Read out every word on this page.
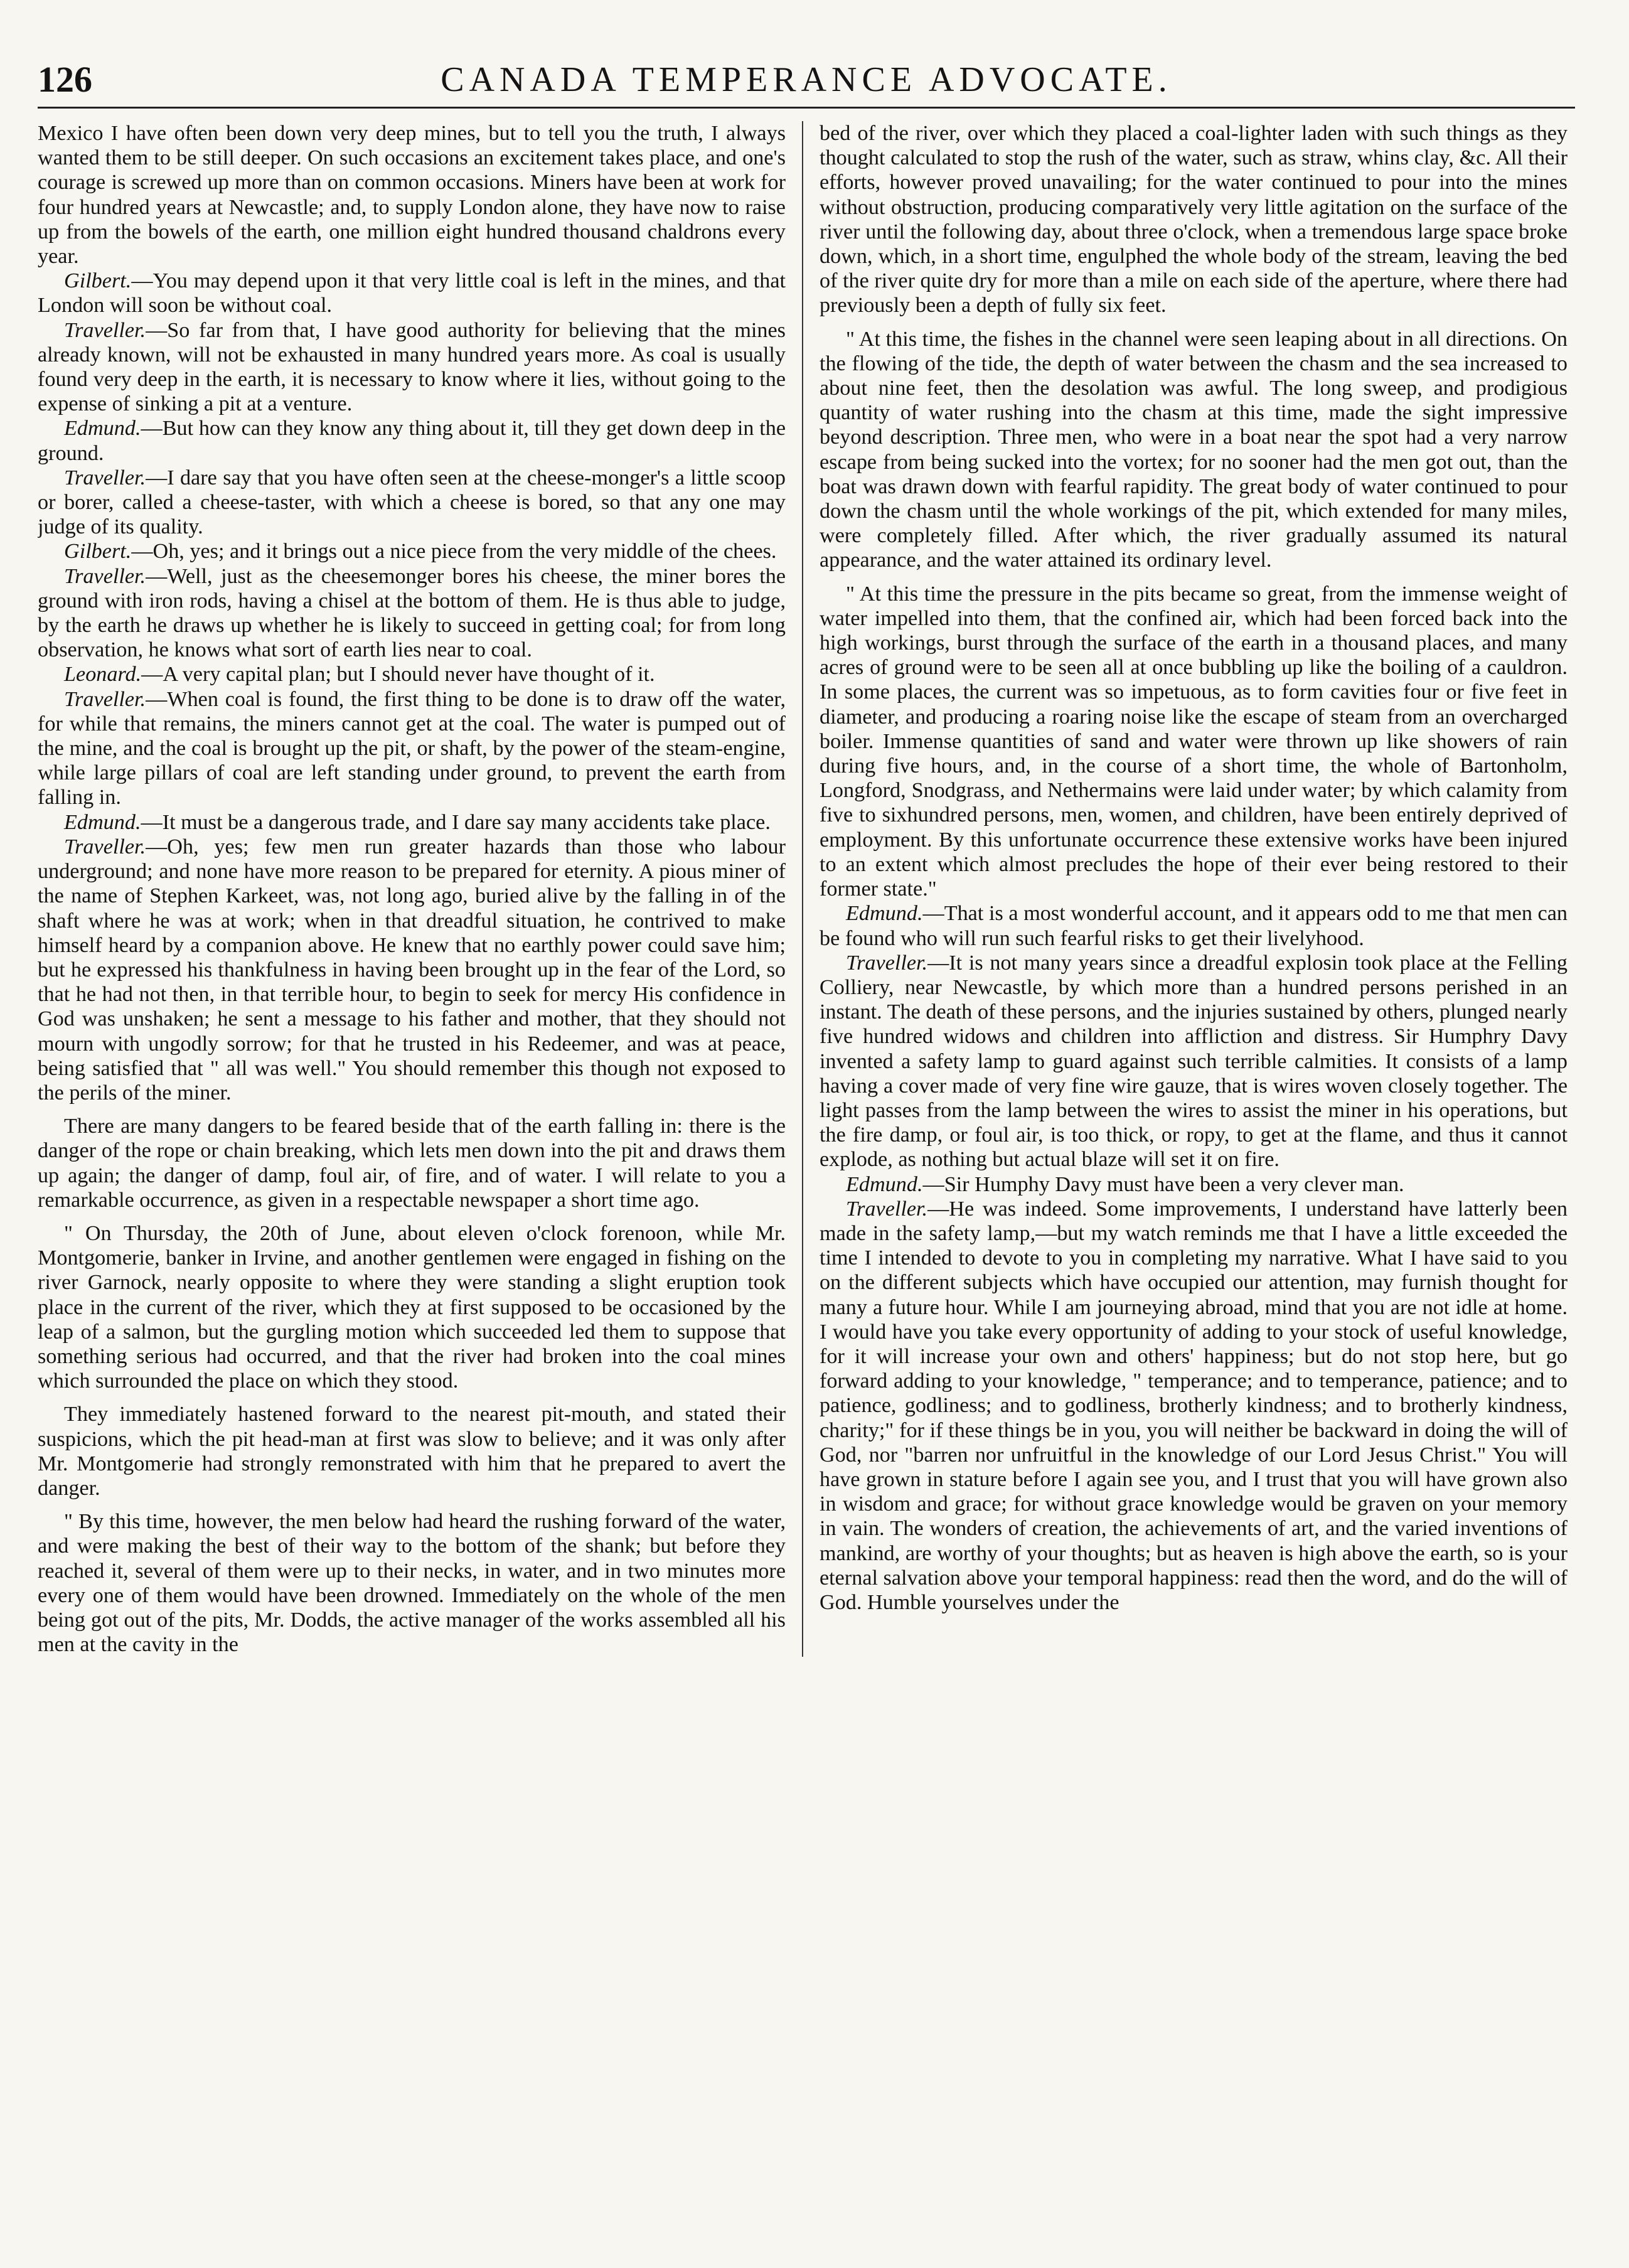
126	CANADA TEMPERANCE ADVOCATE.

Mexico I have often been down very deep mines, but to tell you the truth, I always wanted them to be still deeper. On such occasions an excitement takes place, and one's courage is screwed up more than on common occasions. Miners have been at work for four hundred years at Newcastle; and, to supply London alone, they have now to raise up from the bowels of the earth, one million eight hundred thousand chaldrons every year.

Gilbert.—You may depend upon it that very little coal is left in the mines, and that London will soon be without coal.

Traveller.—So far from that, I have good authority for believing that the mines already known, will not be exhausted in many hundred years more. As coal is usually found very deep in the earth, it is necessary to know where it lies, without going to the expense of sinking a pit at a venture.

Edmund.—But how can they know any thing about it, till they get down deep in the ground.

Traveller.—I dare say that you have often seen at the cheese-monger's a little scoop or borer, called a cheese-taster, with which a cheese is bored, so that any one may judge of its quality.

Gilbert.—Oh, yes; and it brings out a nice piece from the very middle of the chees.

Traveller.—Well, just as the cheesemonger bores his cheese, the miner bores the ground with iron rods, having a chisel at the bottom of them. He is thus able to judge, by the earth he draws up whether he is likely to succeed in getting coal; for from long observation, he knows what sort of earth lies near to coal.

Leonard.—A very capital plan; but I should never have thought of it.

Traveller.—When coal is found, the first thing to be done is to draw off the water, for while that remains, the miners cannot get at the coal. The water is pumped out of the mine, and the coal is brought up the pit, or shaft, by the power of the steam-engine, while large pillars of coal are left standing under ground, to prevent the earth from falling in.

Edmund.—It must be a dangerous trade, and I dare say many accidents take place.

Traveller.—Oh, yes; few men run greater hazards than those who labour underground; and none have more reason to be prepared for eternity. A pious miner of the name of Stephen Karkeet, was, not long ago, buried alive by the falling in of the shaft where he was at work; when in that dreadful situation, he contrived to make himself heard by a companion above. He knew that no earthly power could save him; but he expressed his thankfulness in having been brought up in the fear of the Lord, so that he had not then, in that terrible hour, to begin to seek for mercy His confidence in God was unshaken; he sent a message to his father and mother, that they should not mourn with ungodly sorrow; for that he trusted in his Redeemer, and was at peace, being satisfied that " all was well." You should remember this though not exposed to the perils of the miner.

There are many dangers to be feared beside that of the earth falling in: there is the danger of the rope or chain breaking, which lets men down into the pit and draws them up again; the danger of damp, foul air, of fire, and of water. I will relate to you a remarkable occurrence, as given in a respectable newspaper a short time ago.

" On Thursday, the 20th of June, about eleven o'clock forenoon, while Mr. Montgomerie, banker in Irvine, and another gentlemen were engaged in fishing on the river Garnock, nearly opposite to where they were standing a slight eruption took place in the current of the river, which they at first supposed to be occasioned by the leap of a salmon, but the gurgling motion which succeeded led them to suppose that something serious had occurred, and that the river had broken into the coal mines which surrounded the place on which they stood.

They immediately hastened forward to the nearest pit-mouth, and stated their suspicions, which the pit head-man at first was slow to believe; and it was only after Mr. Montgomerie had strongly remonstrated with him that he prepared to avert the danger.

" By this time, however, the men below had heard the rushing forward of the water, and were making the best of their way to the bottom of the shank; but before they reached it, several of them were up to their necks, in water, and in two minutes more every one of them would have been drowned. Immediately on the whole of the men being got out of the pits, Mr. Dodds, the active manager of the works assembled all his men at the cavity in the

bed of the river, over which they placed a coal-lighter laden with such things as they thought calculated to stop the rush of the water, such as straw, whins clay, &c. All their efforts, however proved unavailing; for the water continued to pour into the mines without obstruction, producing comparatively very little agitation on the surface of the river until the following day, about three o'clock, when a tremendous large space broke down, which, in a short time, engulphed the whole body of the stream, leaving the bed of the river quite dry for more than a mile on each side of the aperture, where there had previously been a depth of fully six feet.

" At this time, the fishes in the channel were seen leaping about in all directions. On the flowing of the tide, the depth of water between the chasm and the sea increased to about nine feet, then the desolation was awful. The long sweep, and prodigious quantity of water rushing into the chasm at this time, made the sight impressive beyond description. Three men, who were in a boat near the spot had a very narrow escape from being sucked into the vortex; for no sooner had the men got out, than the boat was drawn down with fearful rapidity. The great body of water continued to pour down the chasm until the whole workings of the pit, which extended for many miles, were completely filled. After which, the river gradually assumed its natural appearance, and the water attained its ordinary level.

" At this time the pressure in the pits became so great, from the immense weight of water impelled into them, that the confined air, which had been forced back into the high workings, burst through the surface of the earth in a thousand places, and many acres of ground were to be seen all at once bubbling up like the boiling of a cauldron. In some places, the current was so impetuous, as to form cavities four or five feet in diameter, and producing a roaring noise like the escape of steam from an overcharged boiler. Immense quantities of sand and water were thrown up like showers of rain during five hours, and, in the course of a short time, the whole of Bartonholm, Longford, Snodgrass, and Nethermains were laid under water; by which calamity from five to sixhundred persons, men, women, and children, have been entirely deprived of employment. By this unfortunate occurrence these extensive works have been injured to an extent which almost precludes the hope of their ever being restored to their former state."

Edmund.—That is a most wonderful account, and it appears odd to me that men can be found who will run such fearful risks to get their livelyhood.

Traveller.—It is not many years since a dreadful explosin took place at the Felling Colliery, near Newcastle, by which more than a hundred persons perished in an instant. The death of these persons, and the injuries sustained by others, plunged nearly five hundred widows and children into affliction and distress. Sir Humphry Davy invented a safety lamp to guard against such terrible calmities. It consists of a lamp having a cover made of very fine wire gauze, that is wires woven closely together. The light passes from the lamp between the wires to assist the miner in his operations, but the fire damp, or foul air, is too thick, or ropy, to get at the flame, and thus it cannot explode, as nothing but actual blaze will set it on fire.

Edmund.—Sir Humphy Davy must have been a very clever man.

Traveller.—He was indeed. Some improvements, I understand have latterly been made in the safety lamp,—but my watch reminds me that I have a little exceeded the time I intended to devote to you in completing my narrative. What I have said to you on the different subjects which have occupied our attention, may furnish thought for many a future hour. While I am journeying abroad, mind that you are not idle at home. I would have you take every opportunity of adding to your stock of useful knowledge, for it will increase your own and others' happiness; but do not stop here, but go forward adding to your knowledge, " temperance; and to temperance, patience; and to patience, godliness; and to godliness, brotherly kindness; and to brotherly kindness, charity;" for if these things be in you, you will neither be backward in doing the will of God, nor "barren nor unfruitful in the knowledge of our Lord Jesus Christ." You will have grown in stature before I again see you, and I trust that you will have grown also in wisdom and grace; for without grace knowledge would be graven on your memory in vain. The wonders of creation, the achievements of art, and the varied inventions of mankind, are worthy of your thoughts; but as heaven is high above the earth, so is your eternal salvation above your temporal happiness: read then the word, and do the will of God. Humble yourselves under the
